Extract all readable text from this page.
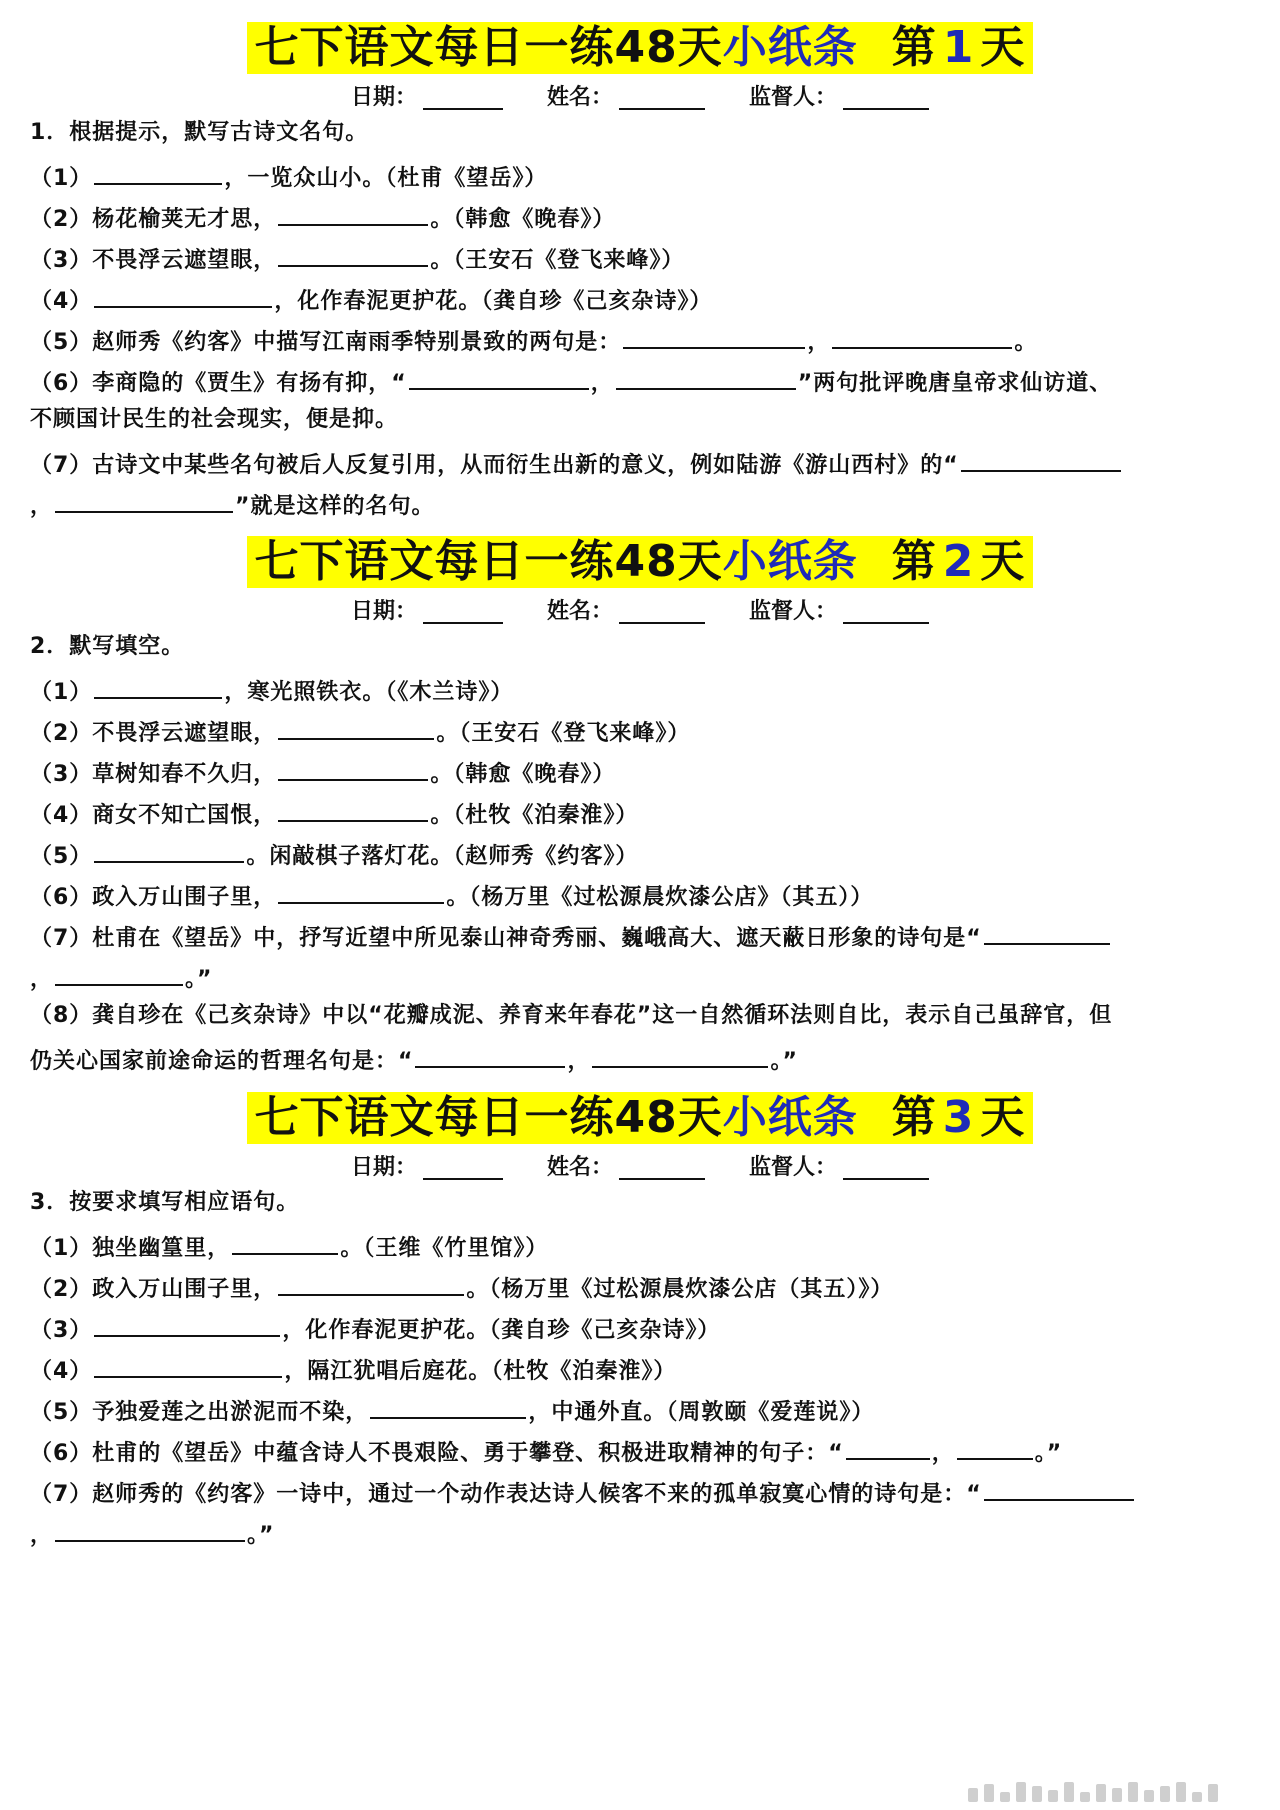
七下语文每日一练48天小纸条 第 1 天
日期：	姓名：	监督人：
1．根据提示，默写古诗文名句。
（1）	，一览众山小。（杜甫《望岳》）
（2）杨花榆荚无才思，	。（韩愈《晚春》）
（3）不畏浮云遮望眼，	。（王安石《登飞来峰》）
（4）	，化作春泥更护花。（龚自珍《己亥杂诗》）
（5）赵师秀《约客》中描写江南雨季特别景致的两句是：	，	。
（6）李商隐的《贾生》有扬有抑，“	，	”两句批评晚唐皇帝求仙访道、
不顾国计民生的社会现实，便是抑。
（7）古诗文中某些名句被后人反复引用，从而衍生出新的意义，例如陆游《游山西村》的“
，	”就是这样的名句。
七下语文每日一练48天小纸条 第 2 天
日期：	姓名：	监督人：
2．默写填空。
（1）	，寒光照铁衣。（《木兰诗》）
（2）不畏浮云遮望眼，	。（王安石《登飞来峰》）
（3）草树知春不久归，	。（韩愈《晚春》）
（4）商女不知亡国恨，	。（杜牧《泊秦淮》）
（5）	。闲敲棋子落灯花。（赵师秀《约客》）
（6）政入万山围子里，	。（杨万里《过松源晨炊漆公店》（其五））
（7）杜甫在《望岳》中，抒写近望中所见泰山神奇秀丽、巍峨高大、遮天蔽日形象的诗句是“
，	。”
（8）龚自珍在《己亥杂诗》中以“花瓣成泥、养育来年春花”这一自然循环法则自比，表示自己虽辞官，但
仍关心国家前途命运的哲理名句是：“	，	。”
七下语文每日一练48天小纸条 第 3 天
日期：	姓名：	监督人：
3．按要求填写相应语句。
（1）独坐幽篁里，	。（王维《竹里馆》）
（2）政入万山围子里，	。（杨万里《过松源晨炊漆公店（其五）》）
（3）	，化作春泥更护花。（龚自珍《己亥杂诗》）
（4）	，隔江犹唱后庭花。（杜牧《泊秦淮》）
（5）予独爱莲之出淤泥而不染，	，中通外直。（周敦颐《爱莲说》）
（6）杜甫的《望岳》中蕴含诗人不畏艰险、勇于攀登、积极进取精神的句子：“	，	。”
（7）赵师秀的《约客》一诗中，通过一个动作表达诗人候客不来的孤单寂寞心情的诗句是：“
，	。”
